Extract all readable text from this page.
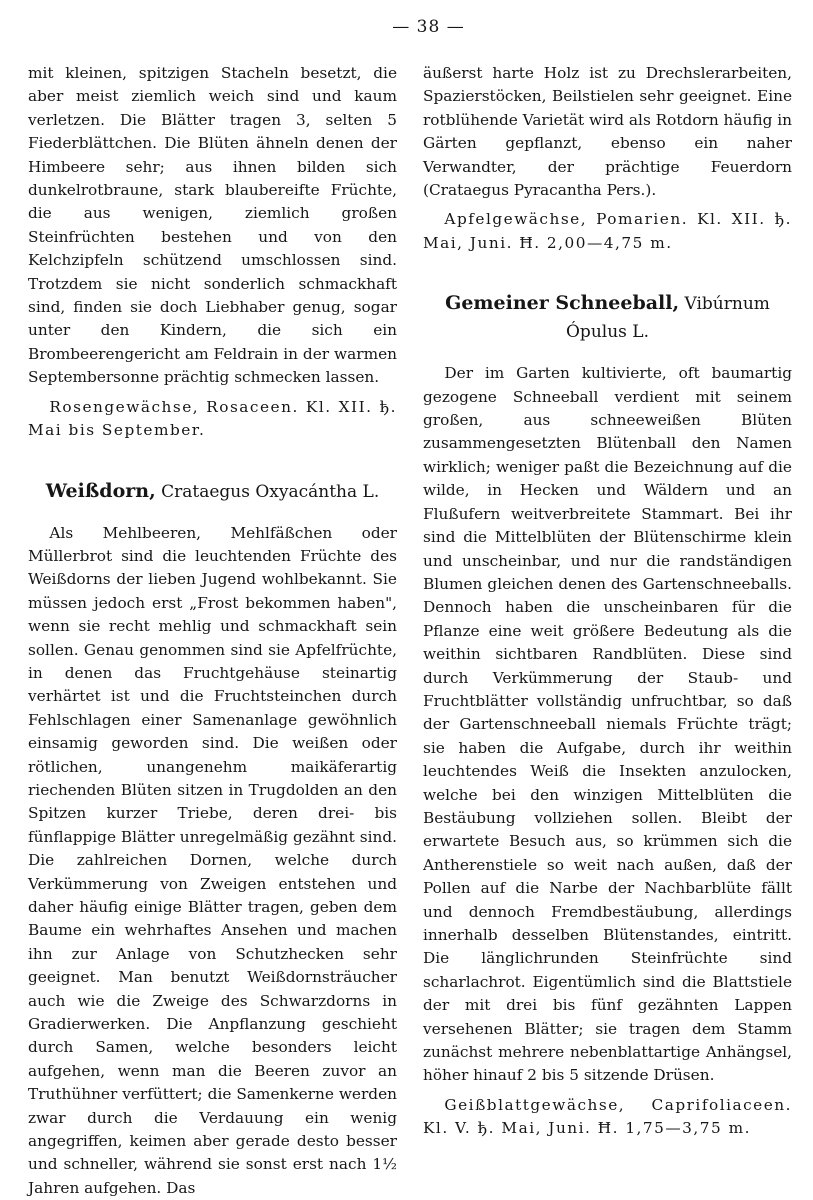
— 38 —

mit kleinen, spitzigen Stacheln besetzt, die aber meist ziemlich weich sind und kaum verletzen. Die Blätter tragen 3, selten 5 Fiederblättchen. Die Blüten ähneln denen der Himbeere sehr; aus ihnen bilden sich dunkelrotbraune, stark blaubereifte Früchte, die aus wenigen, ziemlich großen Steinfrüchten bestehen und von den Kelchzipfeln schützend umschlossen sind. Trotzdem sie nicht sonderlich schmackhaft sind, finden sie doch Liebhaber genug, sogar unter den Kindern, die sich ein Brombeerengericht am Feldrain in der warmen Septembersonne prächtig schmecken lassen.

Rosengewächse, Rosaceen. Kl. XII. ђ. Mai bis September.

Weißdorn, Crataegus Oxyacántha L.

Als Mehlbeeren, Mehlfäßchen oder Müllerbrot sind die leuchtenden Früchte des Weißdorns der lieben Jugend wohlbekannt. Sie müssen jedoch erst „Frost bekommen haben", wenn sie recht mehlig und schmackhaft sein sollen. Genau genommen sind sie Apfelfrüchte, in denen das Fruchtgehäuse steinartig verhärtet ist und die Fruchtsteinchen durch Fehlschlagen einer Samenanlage gewöhnlich einsamig geworden sind. Die weißen oder rötlichen, unangenehm maikäferartig riechenden Blüten sitzen in Trugdolden an den Spitzen kurzer Triebe, deren drei- bis fünflappige Blätter unregelmäßig gezähnt sind. Die zahlreichen Dornen, welche durch Verkümmerung von Zweigen entstehen und daher häufig einige Blätter tragen, geben dem Baume ein wehrhaftes Ansehen und machen ihn zur Anlage von Schutzhecken sehr geeignet. Man benutzt Weißdornsträucher auch wie die Zweige des Schwarzdorns in Gradierwerken. Die Anpflanzung geschieht durch Samen, welche besonders leicht aufgehen, wenn man die Beeren zuvor an Truthühner verfüttert; die Samenkerne werden zwar durch die Verdauung ein wenig angegriffen, keimen aber gerade desto besser und schneller, während sie sonst erst nach 1½ Jahren aufgehen. Das

äußerst harte Holz ist zu Drechslerarbeiten, Spazierstöcken, Beilstielen sehr geeignet. Eine rotblühende Varietät wird als Rotdorn häufig in Gärten gepflanzt, ebenso ein naher Verwandter, der prächtige Feuerdorn (Crataegus Pyracantha Pers.).

Apfelgewächse, Pomarien. Kl. XII. ђ. Mai, Juni. Ħ. 2,00—4,75 m.

Gemeiner Schneeball, Vibúrnum Ópulus L.

Der im Garten kultivierte, oft baumartig gezogene Schneeball verdient mit seinem großen, aus schneeweißen Blüten zusammengesetzten Blütenball den Namen wirklich; weniger paßt die Bezeichnung auf die wilde, in Hecken und Wäldern und an Flußufern weitverbreitete Stammart. Bei ihr sind die Mittelblüten der Blütenschirme klein und unscheinbar, und nur die randständigen Blumen gleichen denen des Gartenschneeballs. Dennoch haben die unscheinbaren für die Pflanze eine weit größere Bedeutung als die weithin sichtbaren Randblüten. Diese sind durch Verkümmerung der Staub- und Fruchtblätter vollständig unfruchtbar, so daß der Gartenschneeball niemals Früchte trägt; sie haben die Aufgabe, durch ihr weithin leuchtendes Weiß die Insekten anzulocken, welche bei den winzigen Mittelblüten die Bestäubung vollziehen sollen. Bleibt der erwartete Besuch aus, so krümmen sich die Antherenstiele so weit nach außen, daß der Pollen auf die Narbe der Nachbarblüte fällt und dennoch Fremdbestäubung, allerdings innerhalb desselben Blütenstandes, eintritt. Die länglichrunden Steinfrüchte sind scharlachrot. Eigentümlich sind die Blattstiele der mit drei bis fünf gezähnten Lappen versehenen Blätter; sie tragen dem Stamm zunächst mehrere nebenblattartige Anhängsel, höher hinauf 2 bis 5 sitzende Drüsen.

Geißblattgewächse, Caprifoliaceen. Kl. V. ђ. Mai, Juni. Ħ. 1,75—3,75 m.
